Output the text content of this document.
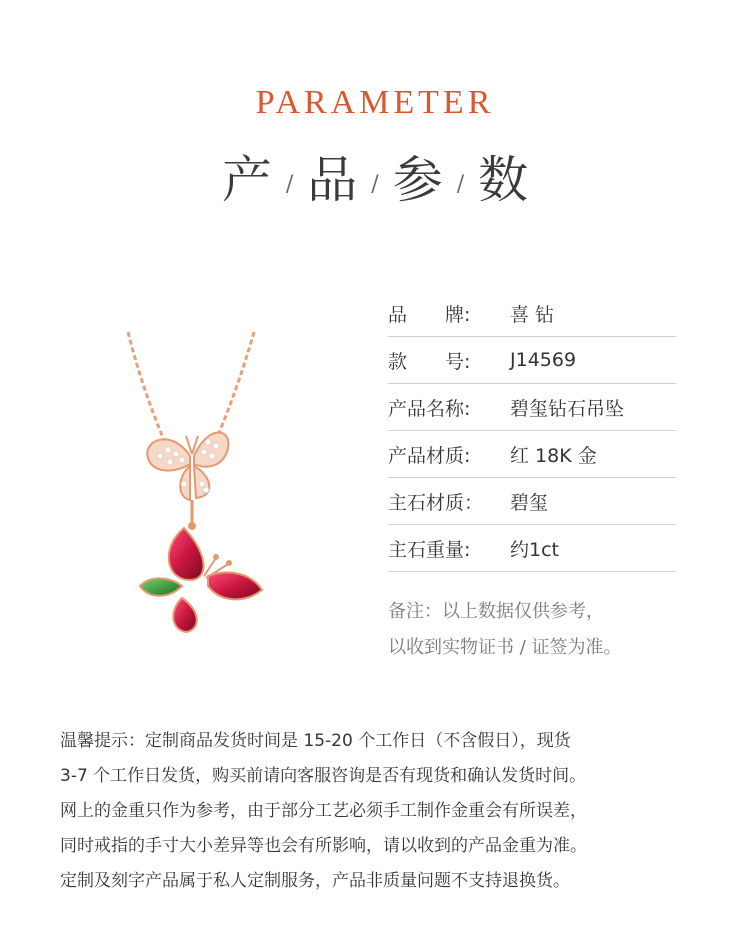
PARAMETER
产 / 品 / 参 / 数
品　　牌:	喜 钻
款　　号:	J14569
产品名称:	碧玺钻石吊坠
产品材质:	红 18K 金
主石材质：	碧玺
主石重量:	约1ct
备注：以上数据仅供参考，
以收到实物证书 / 证签为准。
温馨提示：定制商品发货时间是 15-20 个工作日（不含假日），现货
3-7 个工作日发货，购买前请向客服咨询是否有现货和确认发货时间。
网上的金重只作为参考，由于部分工艺必须手工制作金重会有所误差，
同时戒指的手寸大小差异等也会有所影响，请以收到的产品金重为准。
定制及刻字产品属于私人定制服务，产品非质量问题不支持退换货。
